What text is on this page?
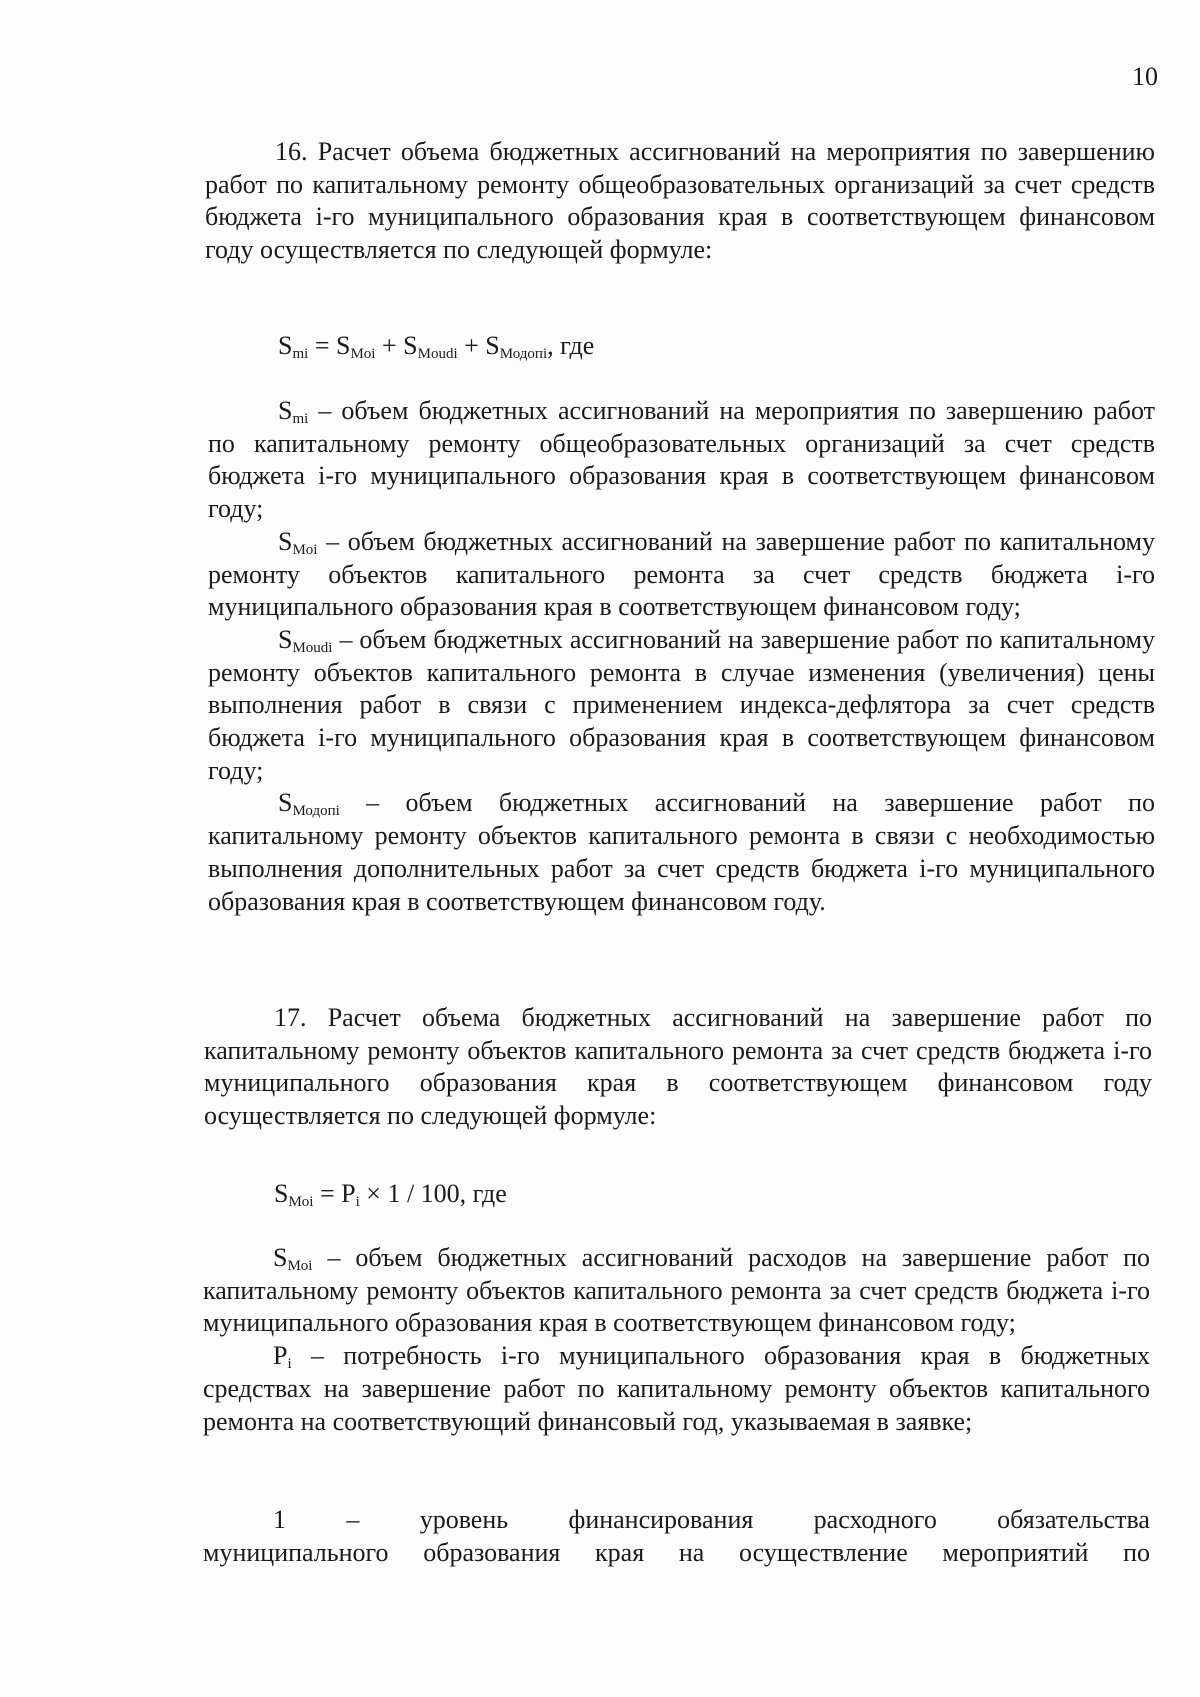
10

16. Расчет объема бюджетных ассигнований на мероприятия по завершению работ по капитальному ремонту общеобразовательных организаций за счет средств бюджета i-го муниципального образования края в соответствующем финансовом году осуществляется по следующей формуле:

$S_{mi} = S_{Moi} + S_{Moudi} + S_{Модопi}$, где

$S_{mi}$ – объем бюджетных ассигнований на мероприятия по завершению работ по капитальному ремонту общеобразовательных организаций за счет средств бюджета i-го муниципального образования края в соответствующем финансовом году;

$S_{Moi}$ – объем бюджетных ассигнований на завершение работ по капитальному ремонту объектов капитального ремонта за счет средств бюджета i-го муниципального образования края в соответствующем финансовом году;

$S_{Moudi}$ – объем бюджетных ассигнований на завершение работ по капитальному ремонту объектов капитального ремонта в случае изменения (увеличения) цены выполнения работ в связи с применением индекса-дефлятора за счет средств бюджета i-го муниципального образования края в соответствующем финансовом году;

$S_{Модопi}$ – объем бюджетных ассигнований на завершение работ по капитальному ремонту объектов капитального ремонта в связи с необходимостью выполнения дополнительных работ за счет средств бюджета i-го муниципального образования края в соответствующем финансовом году.

17. Расчет объема бюджетных ассигнований на завершение работ по капитальному ремонту объектов капитального ремонта за счет средств бюджета i-го муниципального образования края в соответствующем финансовом году осуществляется по следующей формуле:

$S_{Moi} = P_i \times 1 / 100$, где

$S_{Moi}$ – объем бюджетных ассигнований расходов на завершение работ по капитальному ремонту объектов капитального ремонта за счет средств бюджета i-го муниципального образования края в соответствующем финансовом году;

$P_i$ – потребность i-го муниципального образования края в бюджетных средствах на завершение работ по капитальному ремонту объектов капитального ремонта на соответствующий финансовый год, указываемая в заявке;

1 – уровень финансирования расходного обязательства

муниципального образования края на осуществление мероприятий по
